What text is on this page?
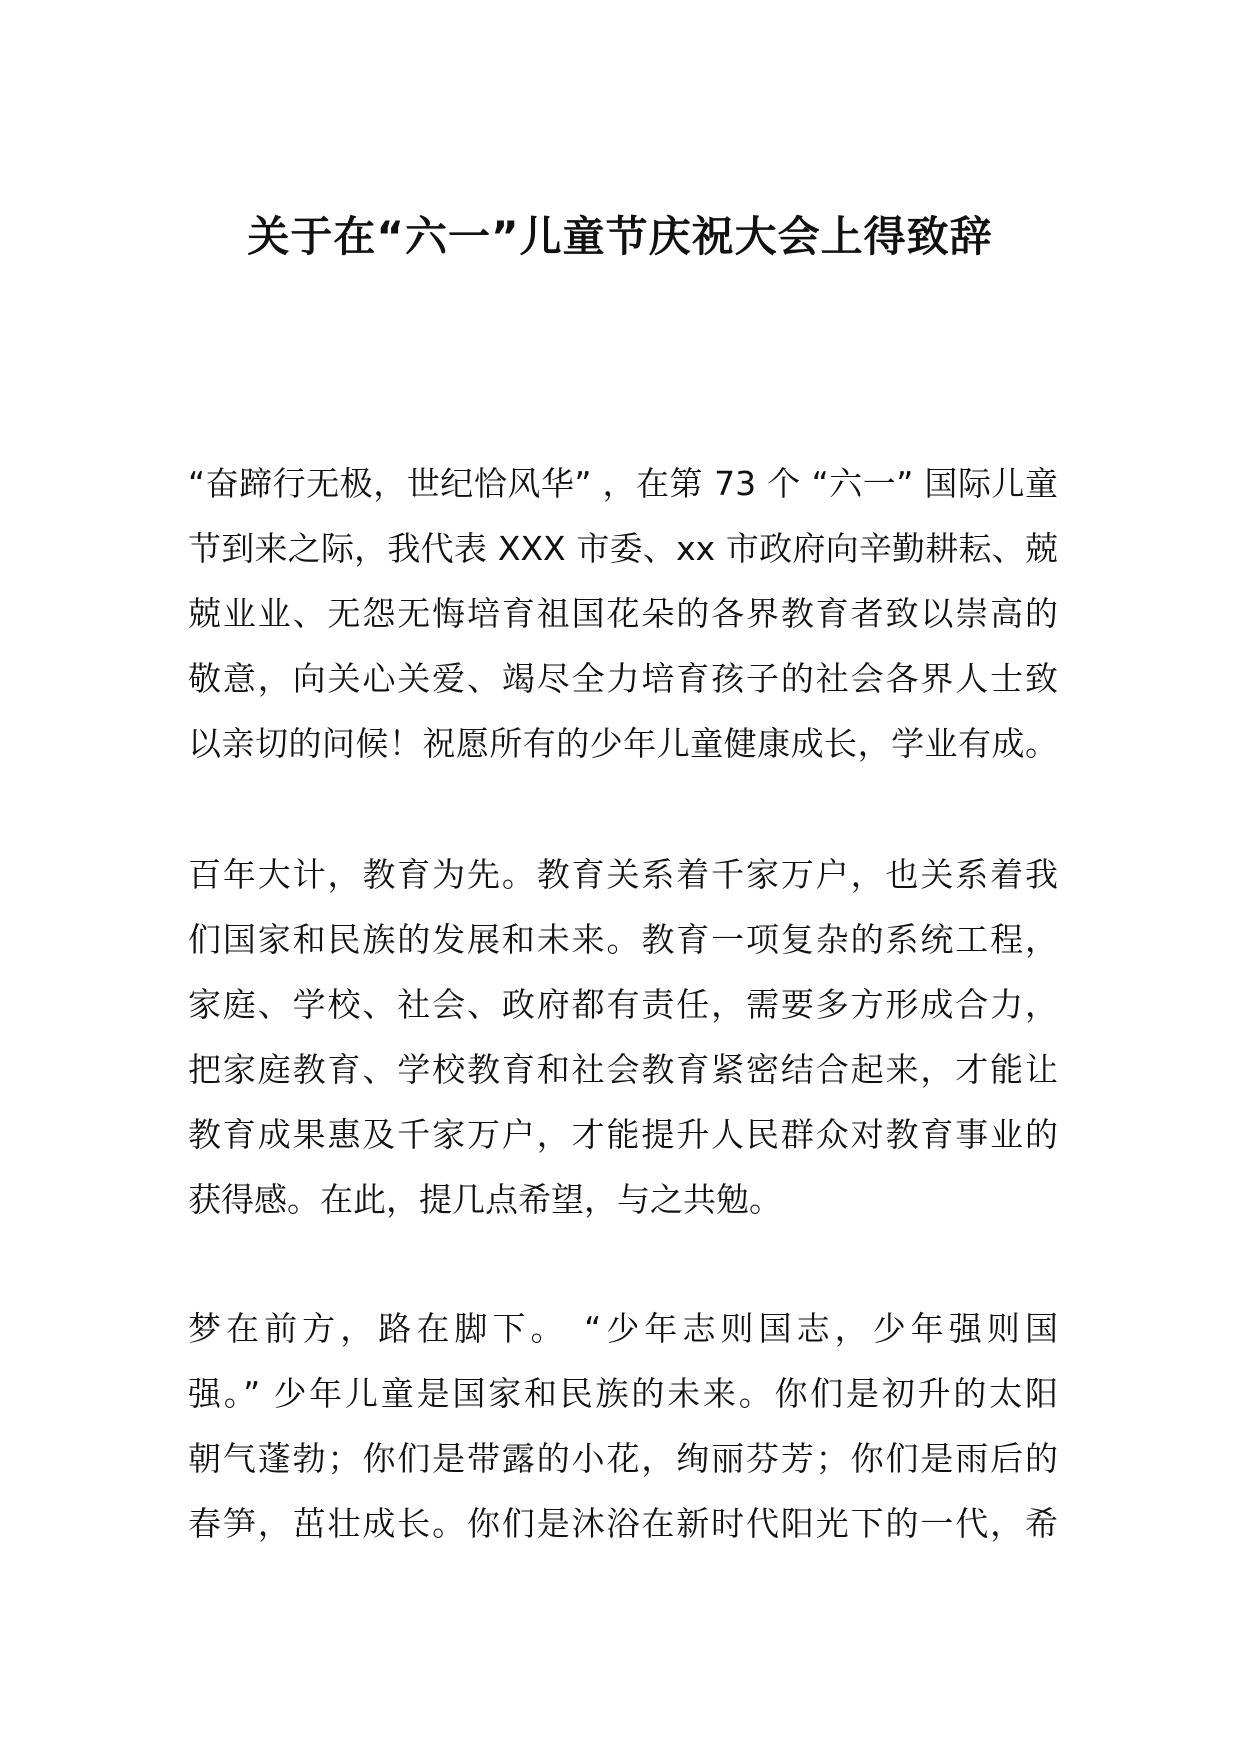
关于在“六一”儿童节庆祝大会上得致辞
“奋蹄行无极，世纪恰风华” ，在第 73 个 “六一” 国际儿童
节到来之际，我代表 XXX 市委、xx 市政府向辛勤耕耘、兢
兢业业、无怨无悔培育祖国花朵的各界教育者致以崇高的
敬意，向关心关爱、竭尽全力培育孩子的社会各界人士致
以亲切的问候！祝愿所有的少年儿童健康成长，学业有成。
百年大计，教育为先。教育关系着千家万户，也关系着我
们国家和民族的发展和未来。教育一项复杂的系统工程，
家庭、学校、社会、政府都有责任，需要多方形成合力，
把家庭教育、学校教育和社会教育紧密结合起来，才能让
教育成果惠及千家万户，才能提升人民群众对教育事业的
获得感。在此，提几点希望，与之共勉。
梦在前方，路在脚下。 “少年志则国志，少年强则国
强。” 少年儿童是国家和民族的未来。你们是初升的太阳
朝气蓬勃；你们是带露的小花，绚丽芬芳；你们是雨后的
春笋，茁壮成长。你们是沐浴在新时代阳光下的一代，希
